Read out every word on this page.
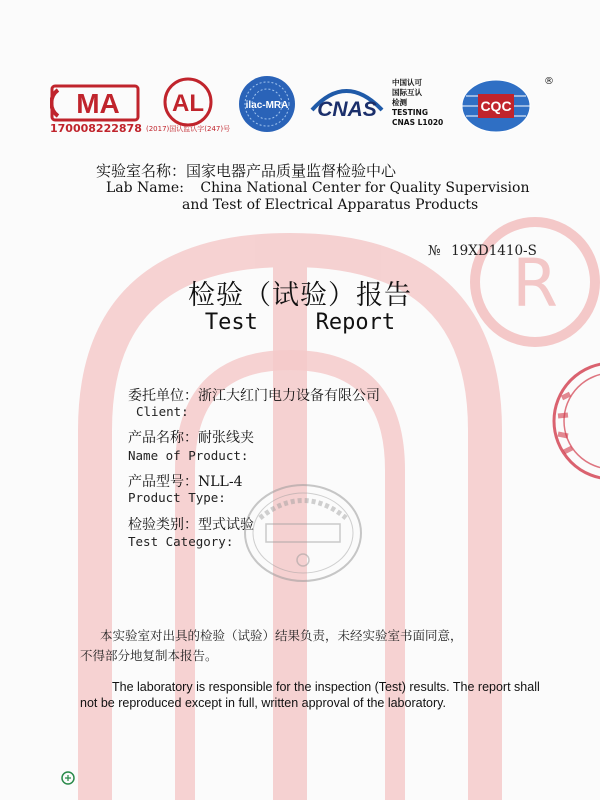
R
MA
170008222878
AL
(2017)国认监认字(247)号
ilac-MRA CNAS
中国认可
国际互认
检测
TESTING
CNAS L1020
CQC
®
实验室名称：国家电器产品质量监督检验中心
Lab Name: China National Center for Quality Supervision
and Test of Electrical Apparatus Products
№ 19XD1410-S
检验（试验）报告
Test   Report
委托单位：浙江大红门电力设备有限公司
Client:
产品名称：耐张线夹
Name of Product:
产品型号：NLL-4
Product Type:
检验类别：型式试验
Test Category:
本实验室对出具的检验（试验）结果负责，未经实验室书面同意，
不得部分地复制本报告。
The laboratory is responsible for the inspection (Test) results. The report shall
not be reproduced except in full, written approval of the laboratory.
